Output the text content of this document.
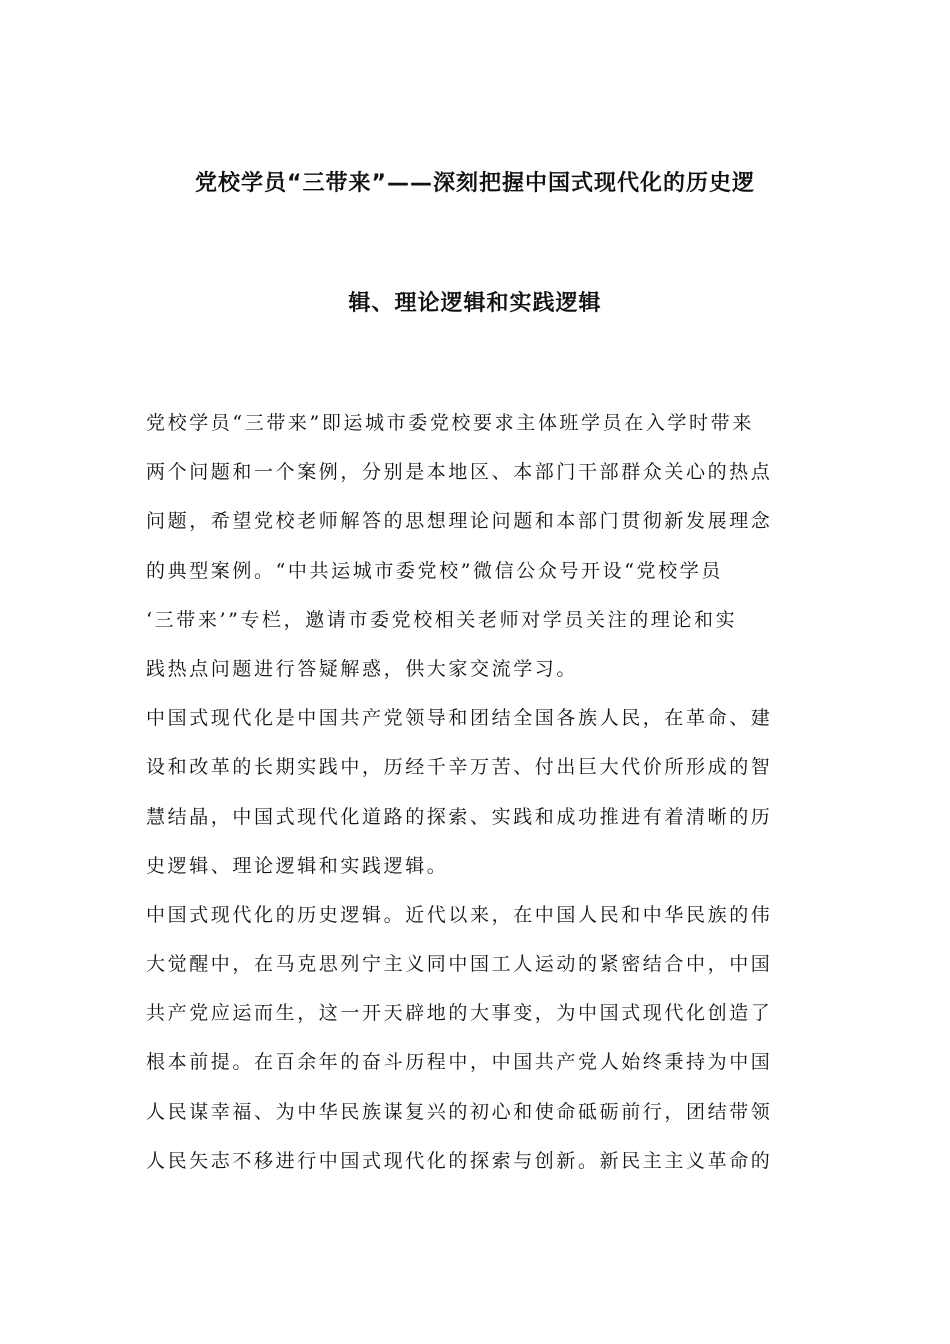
党校学员“三带来”——深刻把握中国式现代化的历史逻
辑、理论逻辑和实践逻辑

党校学员“三带来”即运城市委党校要求主体班学员在入学时带来
两个问题和一个案例，分别是本地区、本部门干部群众关心的热点
问题，希望党校老师解答的思想理论问题和本部门贯彻新发展理念
的典型案例。“中共运城市委党校”微信公众号开设“党校学员
‘三带来’”专栏，邀请市委党校相关老师对学员关注的理论和实
践热点问题进行答疑解惑，供大家交流学习。

中国式现代化是中国共产党领导和团结全国各族人民，在革命、建
设和改革的长期实践中，历经千辛万苦、付出巨大代价所形成的智
慧结晶，中国式现代化道路的探索、实践和成功推进有着清晰的历
史逻辑、理论逻辑和实践逻辑。

中国式现代化的历史逻辑。近代以来，在中国人民和中华民族的伟
大觉醒中，在马克思列宁主义同中国工人运动的紧密结合中，中国
共产党应运而生，这一开天辟地的大事变，为中国式现代化创造了
根本前提。在百余年的奋斗历程中，中国共产党人始终秉持为中国
人民谋幸福、为中华民族谋复兴的初心和使命砥砺前行，团结带领
人民矢志不移进行中国式现代化的探索与创新。新民主主义革命的
